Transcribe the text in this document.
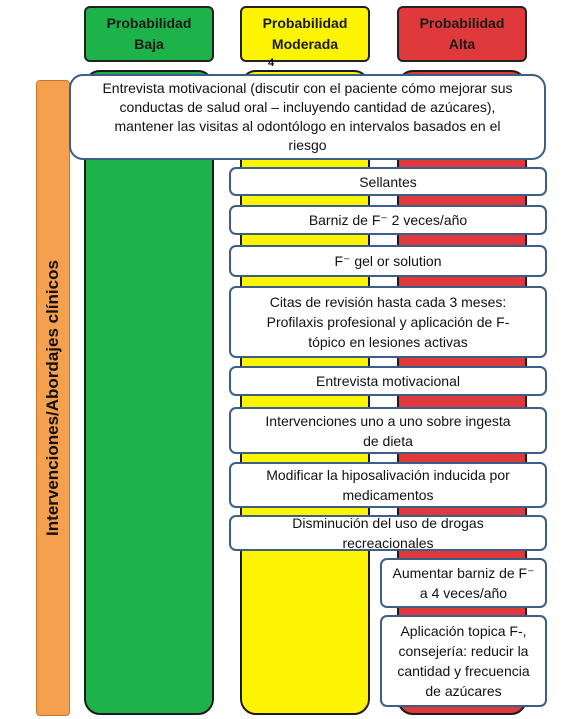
Probabilidad
Baja
Probabilidad
Moderada
Probabilidad
Alta
4
Intervenciones/Abordajes clínicos
Entrevista motivacional (discutir con el paciente cómo mejorar sus
conductas de salud oral – incluyendo cantidad de azúcares),
mantener las visitas al odontólogo en intervalos basados en el
riesgo
Sellantes
Barniz de F⁻ 2 veces/año
F⁻ gel or solution
Citas de revisión hasta cada 3 meses:
Profilaxis profesional y aplicación de F-
tópico en lesiones activas
Entrevista motivacional
Intervenciones uno a uno sobre ingesta
de dieta
Modificar la hiposalivación inducida por
medicamentos
Disminución del uso de drogas
recreacionales
Aumentar barniz de F⁻
a 4 veces/año
Aplicación topica F-,
consejería: reducir la
cantidad y frecuencia
de azúcares
